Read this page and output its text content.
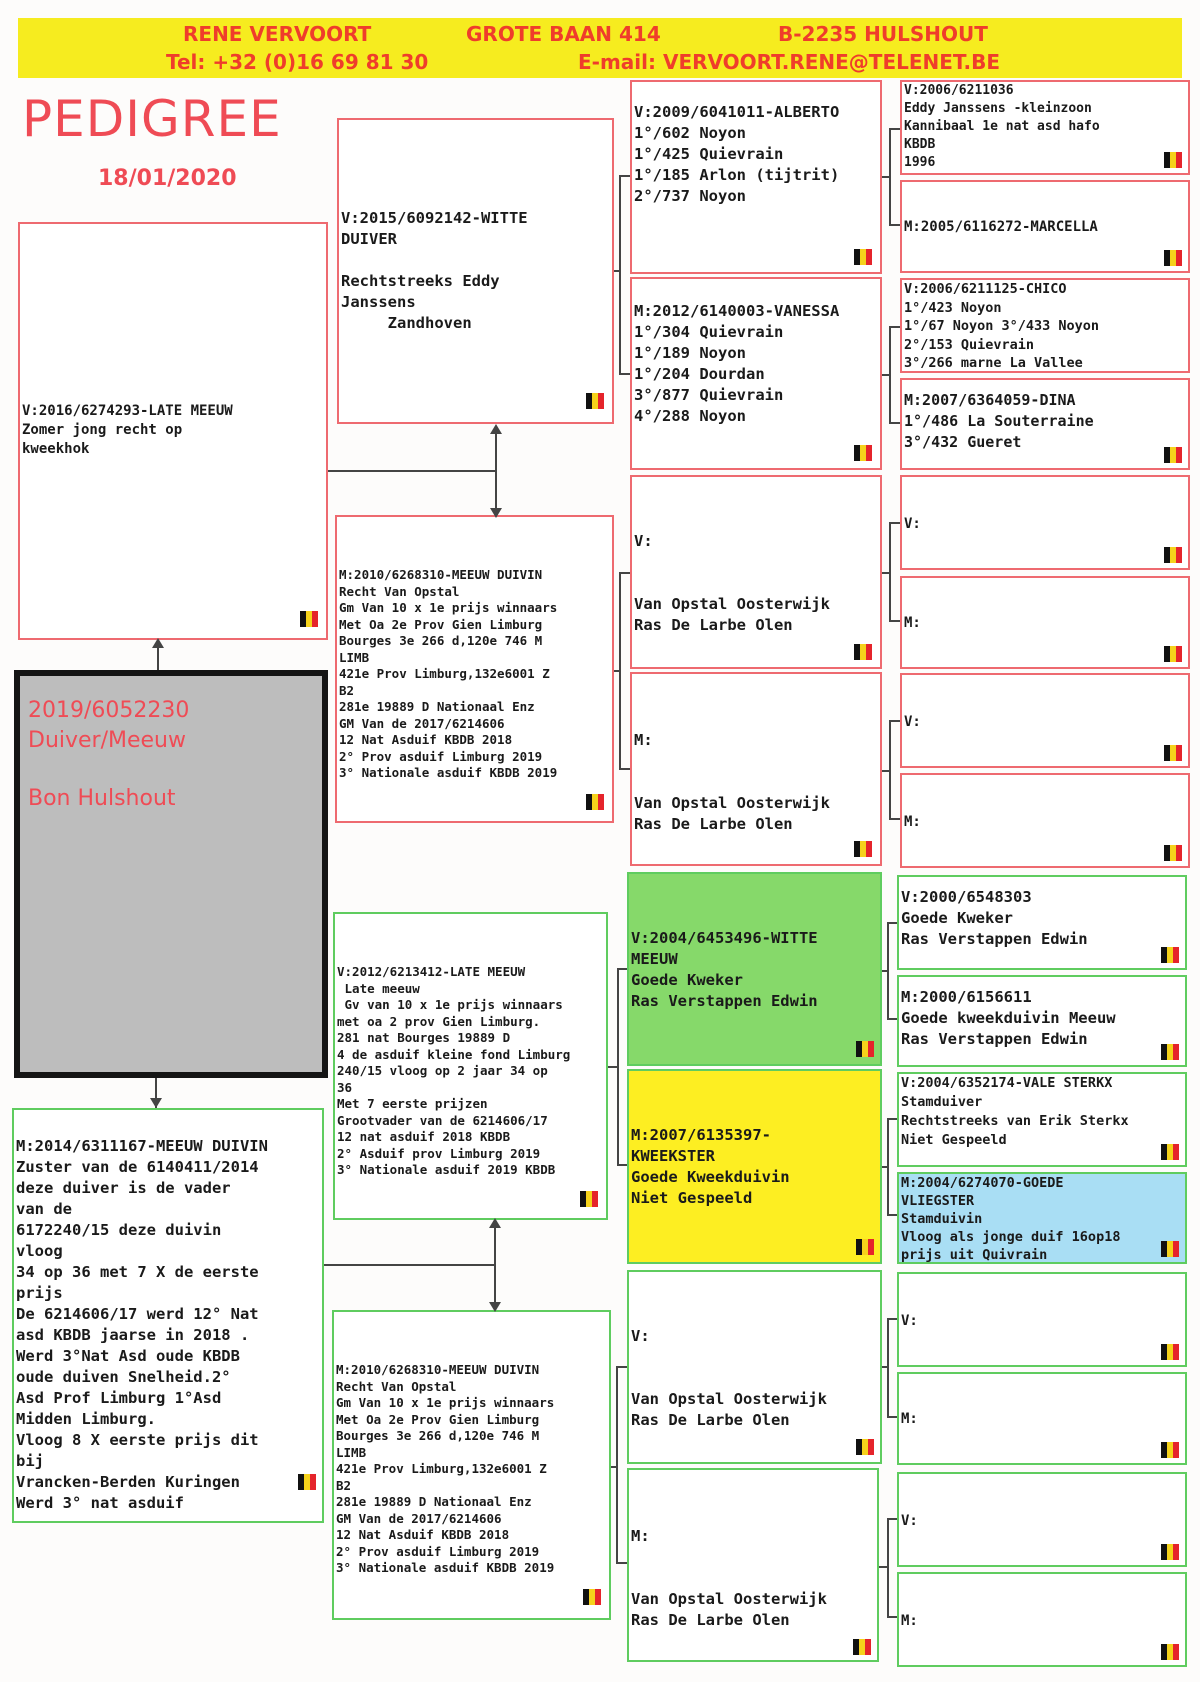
RENE VERVOORT	GROTE BAAN 414	B-2235 HULSHOUT
Tel: +32 (0)16 69 81 30	E-mail: VERVOORT.RENE@TELENET.BE
PEDIGREE
18/01/2020
V:2016/6274293-LATE MEEUW
Zomer jong recht op
kweekhok
2019/6052230
Duiver/Meeuw
Bon Hulshout
M:2014/6311167-MEEUW DUIVIN
Zuster van de 6140411/2014
deze duiver is de vader
van de
6172240/15 deze duivin
vloog
34 op 36 met 7 X de eerste
prijs
De 6214606/17 werd 12° Nat
asd KBDB jaarse in 2018 .
Werd 3°Nat Asd oude KBDB
oude duiven Snelheid.2°
Asd Prof Limburg 1°Asd
Midden Limburg.
Vloog 8 X eerste prijs dit
bij
Vrancken-Berden Kuringen
Werd 3° nat asduif
V:2015/6092142-WITTE
DUIVER

Rechtstreeks Eddy
Janssens
Zandhoven
M:2010/6268310-MEEUW DUIVIN
Recht Van Opstal
Gm Van 10 x 1e prijs winnaars
Met Oa 2e Prov Gien Limburg
Bourges 3e 266 d,120e 746 M
LIMB
421e Prov Limburg,132e6001 Z
B2
281e 19889 D Nationaal Enz
GM Van de 2017/6214606
12 Nat Asduif KBDB 2018
2° Prov asduif Limburg 2019
3° Nationale asduif KBDB 2019
V:2012/6213412-LATE MEEUW
Late meeuw
Gv van 10 x 1e prijs winnaars
met oa 2 prov Gien Limburg.
281 nat Bourges 19889 D
4 de asduif kleine fond Limburg
240/15 vloog op 2 jaar 34 op
36
Met 7 eerste prijzen
Grootvader van de 6214606/17
12 nat asduif 2018 KBDB
2° Asduif prov Limburg 2019
3° Nationale asduif 2019 KBDB
M:2010/6268310-MEEUW DUIVIN
Recht Van Opstal
Gm Van 10 x 1e prijs winnaars
Met Oa 2e Prov Gien Limburg
Bourges 3e 266 d,120e 746 M
LIMB
421e Prov Limburg,132e6001 Z
B2
281e 19889 D Nationaal Enz
GM Van de 2017/6214606
12 Nat Asduif KBDB 2018
2° Prov asduif Limburg 2019
3° Nationale asduif KBDB 2019
V:2009/6041011-ALBERTO
1°/602 Noyon
1°/425 Quievrain
1°/185 Arlon (tijtrit)
2°/737 Noyon
M:2012/6140003-VANESSA
1°/304 Quievrain
1°/189 Noyon
1°/204 Dourdan
3°/877 Quievrain
4°/288 Noyon
V:

Van Opstal Oosterwijk
Ras De Larbe Olen
M:

Van Opstal Oosterwijk
Ras De Larbe Olen
V:2004/6453496-WITTE
MEEUW
Goede Kweker
Ras Verstappen Edwin
M:2007/6135397-
KWEEKSTER
Goede Kweekduivin
Niet Gespeeld
V:

Van Opstal Oosterwijk
Ras De Larbe Olen
M:

Van Opstal Oosterwijk
Ras De Larbe Olen
V:2006/6211036
Eddy Janssens -kleinzoon
Kannibaal 1e nat asd hafo
KBDB
1996
M:2005/6116272-MARCELLA
V:2006/6211125-CHICO
1°/423 Noyon
1°/67 Noyon 3°/433 Noyon
2°/153 Quievrain
3°/266 marne La Vallee
M:2007/6364059-DINA
1°/486 La Souterraine
3°/432 Gueret
V:
M:
V:
M:
V:2000/6548303
Goede Kweker
Ras Verstappen Edwin
M:2000/6156611
Goede kweekduivin Meeuw
Ras Verstappen Edwin
V:2004/6352174-VALE STERKX
Stamduiver
Rechtstreeks van Erik Sterkx
Niet Gespeeld
M:2004/6274070-GOEDE
VLIEGSTER
Stamduivin
Vloog als jonge duif 16op18
prijs uit Quivrain
V:
M:
V:
M:
